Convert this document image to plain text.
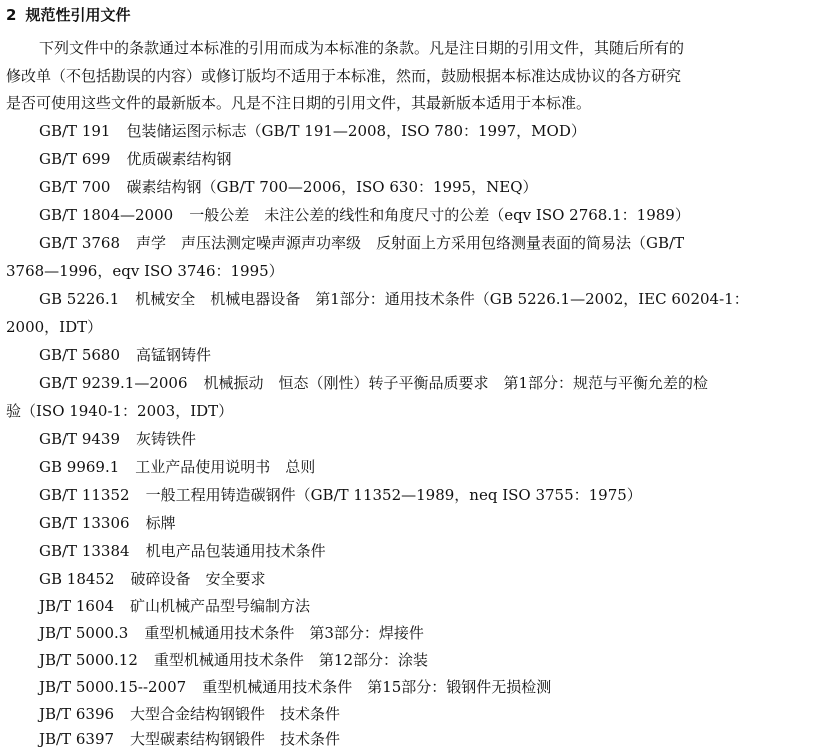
2 规范性引用文件
下列文件中的条款通过本标准的引用而成为本标准的条款。凡是注日期的引用文件，其随后所有的
修改单（不包括勘误的内容）或修订版均不适用于本标准，然而，鼓励根据本标准达成协议的各方研究
是否可使用这些文件的最新版本。凡是不注日期的引用文件，其最新版本适用于本标准。
GB/T 191 包装储运图示标志（GB/T 191—2008，ISO 780：1997，MOD）
GB/T 699 优质碳素结构钢
GB/T 700 碳素结构钢（GB/T 700—2006，ISO 630：1995，NEQ）
GB/T 1804—2000 一般公差　未注公差的线性和角度尺寸的公差（eqv ISO 2768.1：1989）
GB/T 3768 声学　声压法测定噪声源声功率级　反射面上方采用包络测量表面的简易法（GB/T
3768—1996，eqv ISO 3746：1995）
GB 5226.1 机械安全　机械电器设备　第1部分：通用技术条件（GB 5226.1—2002，IEC 60204-1：
2000，IDT）
GB/T 5680 高锰钢铸件
GB/T 9239.1—2006 机械振动　恒态（刚性）转子平衡品质要求　第1部分：规范与平衡允差的检
验（ISO 1940-1：2003，IDT）
GB/T 9439 灰铸铁件
GB 9969.1 工业产品使用说明书　总则
GB/T 11352 一般工程用铸造碳钢件（GB/T 11352—1989，neq ISO 3755：1975）
GB/T 13306 标牌
GB/T 13384 机电产品包装通用技术条件
GB 18452 破碎设备　安全要求
JB/T 1604 矿山机械产品型号编制方法
JB/T 5000.3 重型机械通用技术条件　第3部分：焊接件
JB/T 5000.12 重型机械通用技术条件　第12部分：涂装
JB/T 5000.15--2007 重型机械通用技术条件　第15部分：锻钢件无损检测
JB/T 6396 大型合金结构钢锻件　技术条件
JB/T 6397 大型碳素结构钢锻件　技术条件
